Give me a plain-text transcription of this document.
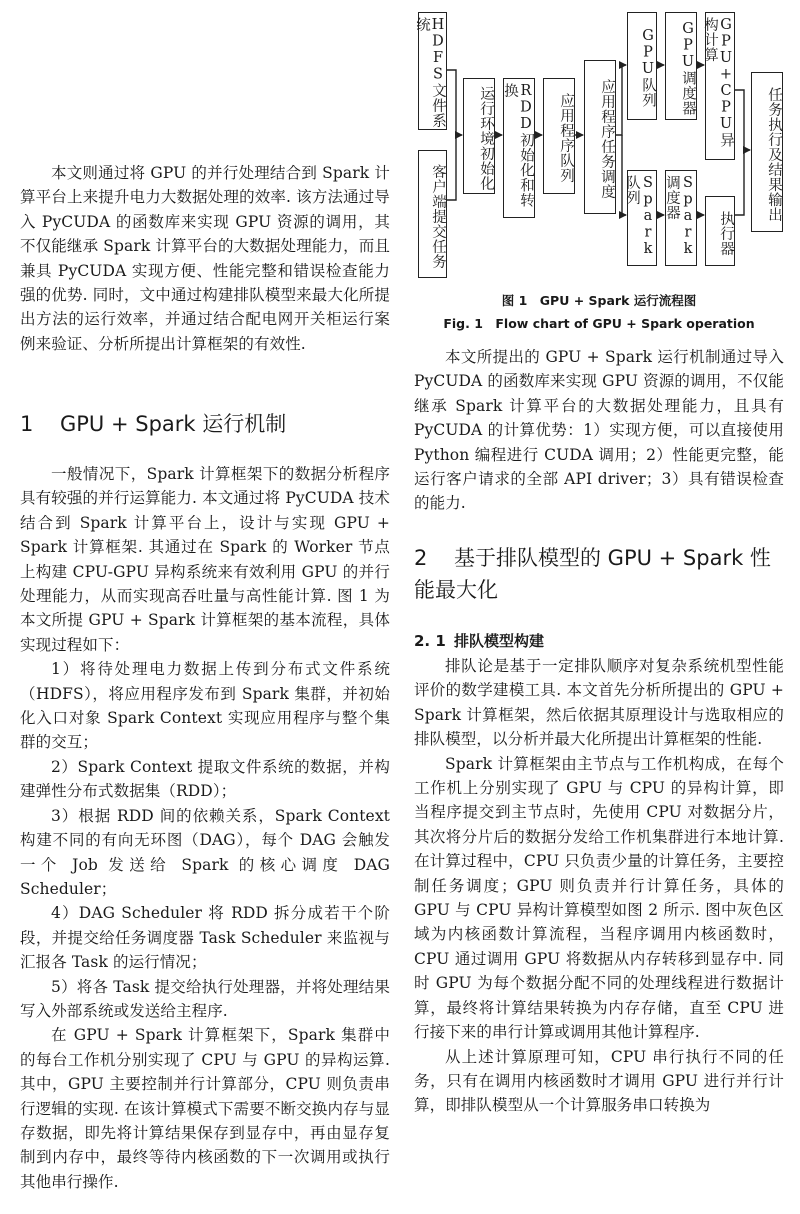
本文则通过将 GPU 的并行处理结合到 Spark 计算平台上来提升电力大数据处理的效率. 该方法通过导入 PyCUDA 的函数库来实现 GPU 资源的调用，其不仅能继承 Spark 计算平台的大数据处理能力，而且兼具 PyCUDA 实现方便、性能完整和错误检查能力强的优势. 同时，文中通过构建排队模型来最大化所提出方法的运行效率，并通过结合配电网开关柜运行案例来验证、分析所提出计算框架的有效性.

1 GPU + Spark 运行机制

一般情况下，Spark 计算框架下的数据分析程序具有较强的并行运算能力. 本文通过将 PyCUDA 技术结合到 Spark 计算平台上，设计与实现 GPU + Spark 计算框架. 其通过在 Spark 的 Worker 节点上构建 CPU-GPU 异构系统来有效利用 GPU 的并行处理能力，从而实现高吞吐量与高性能计算. 图 1 为本文所提 GPU + Spark 计算框架的基本流程，具体实现过程如下：

1）将待处理电力数据上传到分布式文件系统（HDFS），将应用程序发布到 Spark 集群，并初始化入口对象 Spark Context 实现应用程序与整个集群的交互；

2）Spark Context 提取文件系统的数据，并构建弹性分布式数据集（RDD）；

3）根据 RDD 间的依赖关系，Spark Context 构建不同的有向无环图（DAG），每个 DAG 会触发一个 Job 发送给 Spark 的核心调度 DAG Scheduler；

4）DAG Scheduler 将 RDD 拆分成若干个阶段，并提交给任务调度器 Task Scheduler 来监视与汇报各 Task 的运行情况；

5）将各 Task 提交给执行处理器，并将处理结果写入外部系统或发送给主程序.

在 GPU + Spark 计算框架下，Spark 集群中的每台工作机分别实现了 CPU 与 GPU 的异构运算. 其中，GPU 主要控制并行计算部分，CPU 则负责串行逻辑的实现. 在该计算模式下需要不断交换内存与显存数据，即先将计算结果保存到显存中，再由显存复制到内存中，最终等待内核函数的下一次调用或执行其他串行操作.

HDFS文件系统
客户端提交任务
运行环境初始化	RDD初始化和转换
应用程序队列	应用程序任务调度
GPU队列	GPU调度器	GPU+CPU异构计算
Spark队列	Spark调度器
执行器
任务执行及结果输出
图 1　GPU + Spark 运行流程图
Fig. 1　Flow chart of GPU + Spark operation

本文所提出的 GPU + Spark 运行机制通过导入 PyCUDA 的函数库来实现 GPU 资源的调用，不仅能继承 Spark 计算平台的大数据处理能力，且具有 PyCUDA 的计算优势：1）实现方便，可以直接使用 Python 编程进行 CUDA 调用；2）性能更完整，能运行客户请求的全部 API driver；3）具有错误检查的能力.

2 基于排队模型的 GPU + Spark 性能最大化
2. 1 排队模型构建

排队论是基于一定排队顺序对复杂系统机型性能评价的数学建模工具. 本文首先分析所提出的 GPU + Spark 计算框架，然后依据其原理设计与选取相应的排队模型，以分析并最大化所提出计算框架的性能.

Spark 计算框架由主节点与工作机构成，在每个工作机上分别实现了 GPU 与 CPU 的异构计算，即当程序提交到主节点时，先使用 CPU 对数据分片，其次将分片后的数据分发给工作机集群进行本地计算. 在计算过程中，CPU 只负责少量的计算任务，主要控制任务调度；GPU 则负责并行计算任务，具体的 GPU 与 CPU 异构计算模型如图 2 所示. 图中灰色区域为内核函数计算流程，当程序调用内核函数时，CPU 通过调用 GPU 将数据从内存转移到显存中. 同时 GPU 为每个数据分配不同的处理线程进行数据计算，最终将计算结果转换为内存存储，直至 CPU 进行接下来的串行计算或调用其他计算程序.

从上述计算原理可知，CPU 串行执行不同的任务，只有在调用内核函数时才调用 GPU 进行并行计算，即排队模型从一个计算服务串口转换为
